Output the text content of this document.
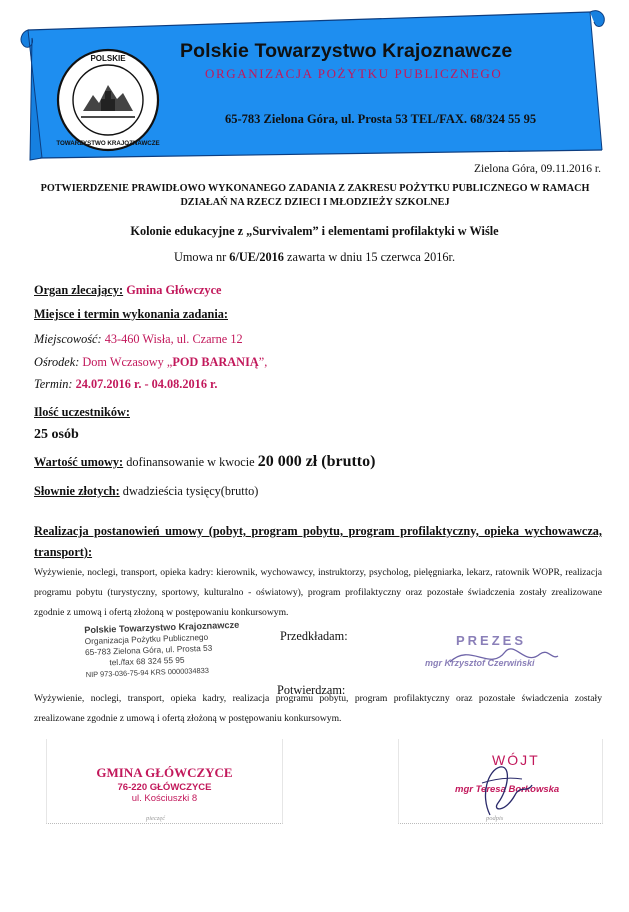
POLSKIE
TOWARZYSTWO KRAJOZNAWCZE
Polskie Towarzystwo Krajoznawcze
ORGANIZACJA POŻYTKU PUBLICZNEGO
65-783 Zielona Góra, ul. Prosta 53 TEL/FAX. 68/324 55 95
Zielona Góra, 09.11.2016 r.
POTWIERDZENIE PRAWIDŁOWO WYKONANEGO ZADANIA Z ZAKRESU POŻYTKU PUBLICZNEGO W RAMACH DZIAŁAŃ NA RZECZ DZIECI I MŁODZIEŻY SZKOLNEJ
Kolonie edukacyjne z „Survivalem” i elementami profilaktyki w Wiśle
Umowa nr 6/UE/2016 zawarta w dniu 15 czerwca 2016r.
Organ zlecający: Gmina Główczyce
Miejsce i termin wykonania zadania:
Miejscowość: 43-460 Wisła, ul. Czarne 12
Ośrodek: Dom Wczasowy „POD BARANIĄ”,
Termin: 24.07.2016 r. - 04.08.2016 r.
Ilość uczestników:
25 osób
Wartość umowy: dofinansowanie w kwocie 20 000 zł (brutto)
Słownie złotych: dwadzieścia tysięcy(brutto)
Realizacja postanowień umowy (pobyt, program pobytu, program profilaktyczny, opieka wychowawcza, transport):
Wyżywienie, noclegi, transport, opieka kadry: kierownik, wychowawcy, instruktorzy, psycholog, pielęgniarka, lekarz, ratownik WOPR, realizacja programu pobytu (turystyczny, sportowy, kulturalno - oświatowy), program profilaktyczny oraz pozostałe świadczenia zostały zrealizowane zgodnie z umową i ofertą złożoną w postępowaniu konkursowym.
Polskie Towarzystwo Krajoznawcze
Organizacja Pożytku Publicznego
65-783 Zielona Góra, ul. Prosta 53
tel./fax 68 324 55 95
NIP 973-036-75-94 KRS 0000034833
Przedkładam:	PREZES
mgr Krzysztof Czerwiński
Potwierdzam:
Wyżywienie, noclegi, transport, opieka kadry, realizacja programu pobytu, program profilaktyczny oraz pozostałe świadczenia zostały zrealizowane zgodnie z umową i ofertą złożoną w postępowaniu konkursowym.
GMINA GŁÓWCZYCE
76-220 GŁÓWCZYCE
ul. Kościuszki 8
pieczęć
WÓJT
mgr Teresa Borkowska
podpis
